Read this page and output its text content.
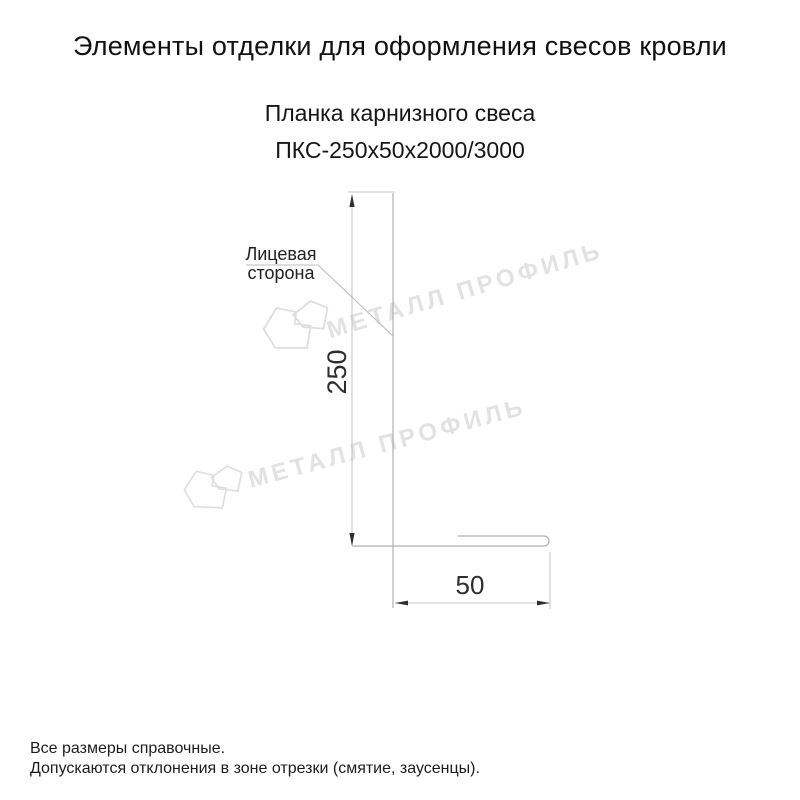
МЕТАЛЛ ПРОФИЛЬ
МЕТАЛЛ ПРОФИЛЬ
Элементы отделки для оформления свесов кровли
Планка карнизного свеса
ПКС-250х50х2000/3000
Лицевая
сторона
250
50
Все размеры справочные.
Допускаются отклонения в зоне отрезки (смятие, заусенцы).
